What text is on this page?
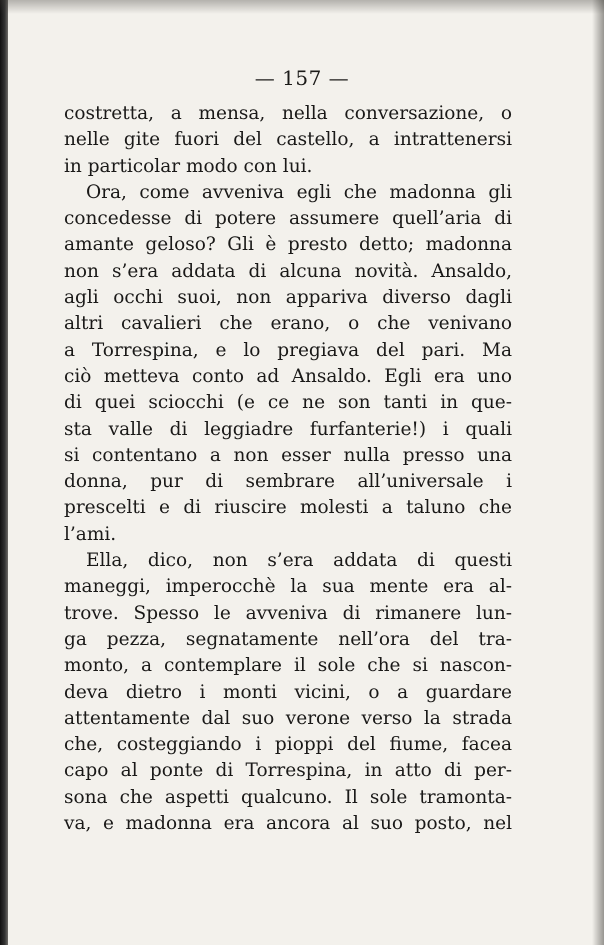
— 157 —
costretta, a mensa, nella conversazione, o
nelle gite fuori del castello, a intrattenersi
in particolar modo con lui.
Ora, come avveniva egli che madonna gli
concedesse di potere assumere quell’aria di
amante geloso? Gli è presto detto; madonna
non s’era addata di alcuna novità. Ansaldo,
agli occhi suoi, non appariva diverso dagli
altri cavalieri che erano, o che venivano
a Torrespina, e lo pregiava del pari. Ma
ciò metteva conto ad Ansaldo. Egli era uno
di quei sciocchi (e ce ne son tanti in que-
sta valle di leggiadre furfanterie!) i quali
si contentano a non esser nulla presso una
donna, pur di sembrare all’universale i
prescelti e di riuscire molesti a taluno che
l’ami.
Ella, dico, non s’era addata di questi
maneggi, imperocchè la sua mente era al-
trove. Spesso le avveniva di rimanere lun-
ga pezza, segnatamente nell’ora del tra-
monto, a contemplare il sole che si nascon-
deva dietro i monti vicini, o a guardare
attentamente dal suo verone verso la strada
che, costeggiando i pioppi del fiume, facea
capo al ponte di Torrespina, in atto di per-
sona che aspetti qualcuno. Il sole tramonta-
va, e madonna era ancora al suo posto, nel
